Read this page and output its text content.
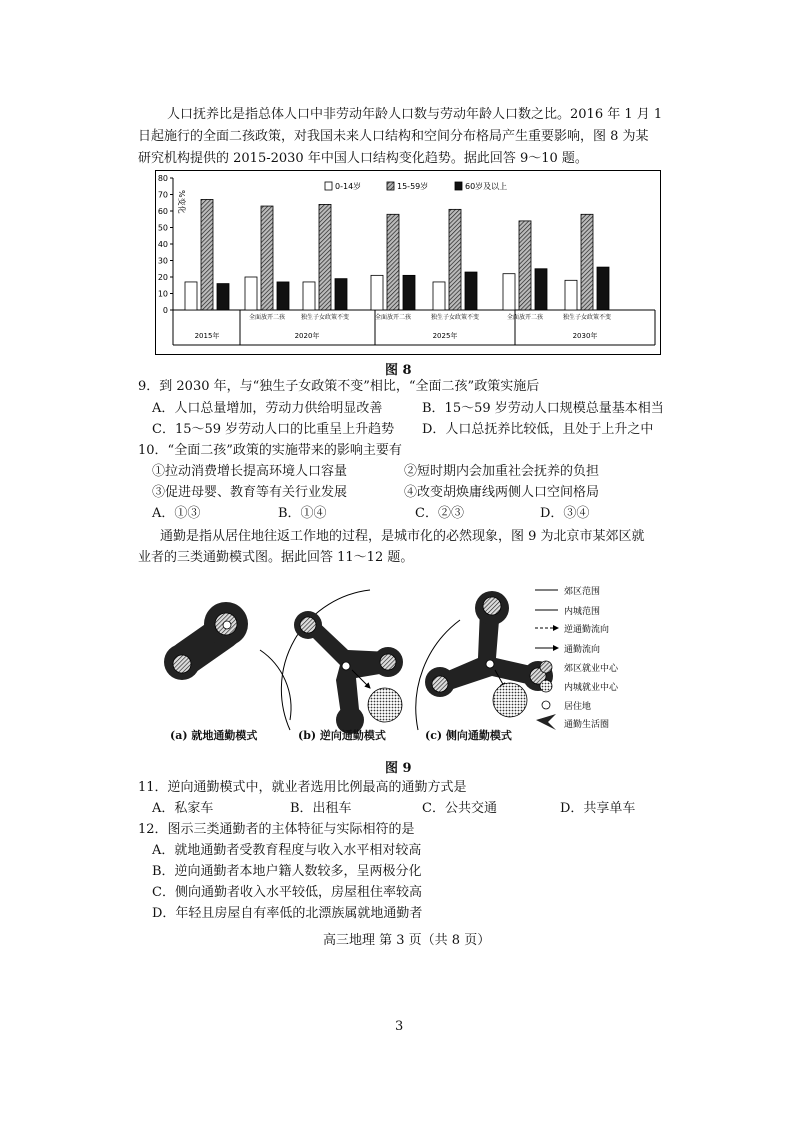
人口抚养比是指总体人口中非劳动年龄人口数与劳动年龄人口数之比。2016 年 1 月 1
日起施行的全面二孩政策，对我国未来人口结构和空间分布格局产生重要影响，图 8 为某
研究机构提供的 2015-2030 年中国人口结构变化趋势。据此回答 9～10 题。
0
10
20
30
40
50
60
70
80
%变化
全面放开二孩	独生子女政策不变	全面放开二孩	独生子女政策不变	全面放开二孩	独生子女政策不变
2015年	2020年	2025年	2030年
0-14岁	15-59岁	60岁及以上
图 8
9．到 2030 年，与“独生子女政策不变”相比，“全面二孩”政策实施后
A．人口总量增加，劳动力供给明显改善	B．15～59 岁劳动人口规模总量基本相当
C．15～59 岁劳动人口的比重呈上升趋势 D．人口总抚养比较低，且处于上升之中
10．“全面二孩”政策的实施带来的影响主要有
①拉动消费增长提高环境人口容量	②短时期内会加重社会抚养的负担
③促进母婴、教育等有关行业发展	④改变胡焕庸线两侧人口空间格局
A．①③	B．①④	C．②③	D．③④
通勤是指从居住地往返工作地的过程，是城市化的必然现象，图 9 为北京市某郊区就
业者的三类通勤模式图。据此回答 11～12 题。
郊区范围
内城范围
逆通勤流向
通勤流向
郊区就业中心
内城就业中心
居住地
通勤生活圈
(a) 就地通勤模式	(b) 逆向通勤模式	(c) 侧向通勤模式
图 9
11．逆向通勤模式中，就业者选用比例最高的通勤方式是
A．私家车	B．出租车	C．公共交通	D．共享单车
12．图示三类通勤者的主体特征与实际相符的是
A．就地通勤者受教育程度与收入水平相对较高
B．逆向通勤者本地户籍人数较多，呈两极分化
C．侧向通勤者收入水平较低，房屋租住率较高
D．年轻且房屋自有率低的北漂族属就地通勤者
高三地理 第 3 页（共 8 页）
3
